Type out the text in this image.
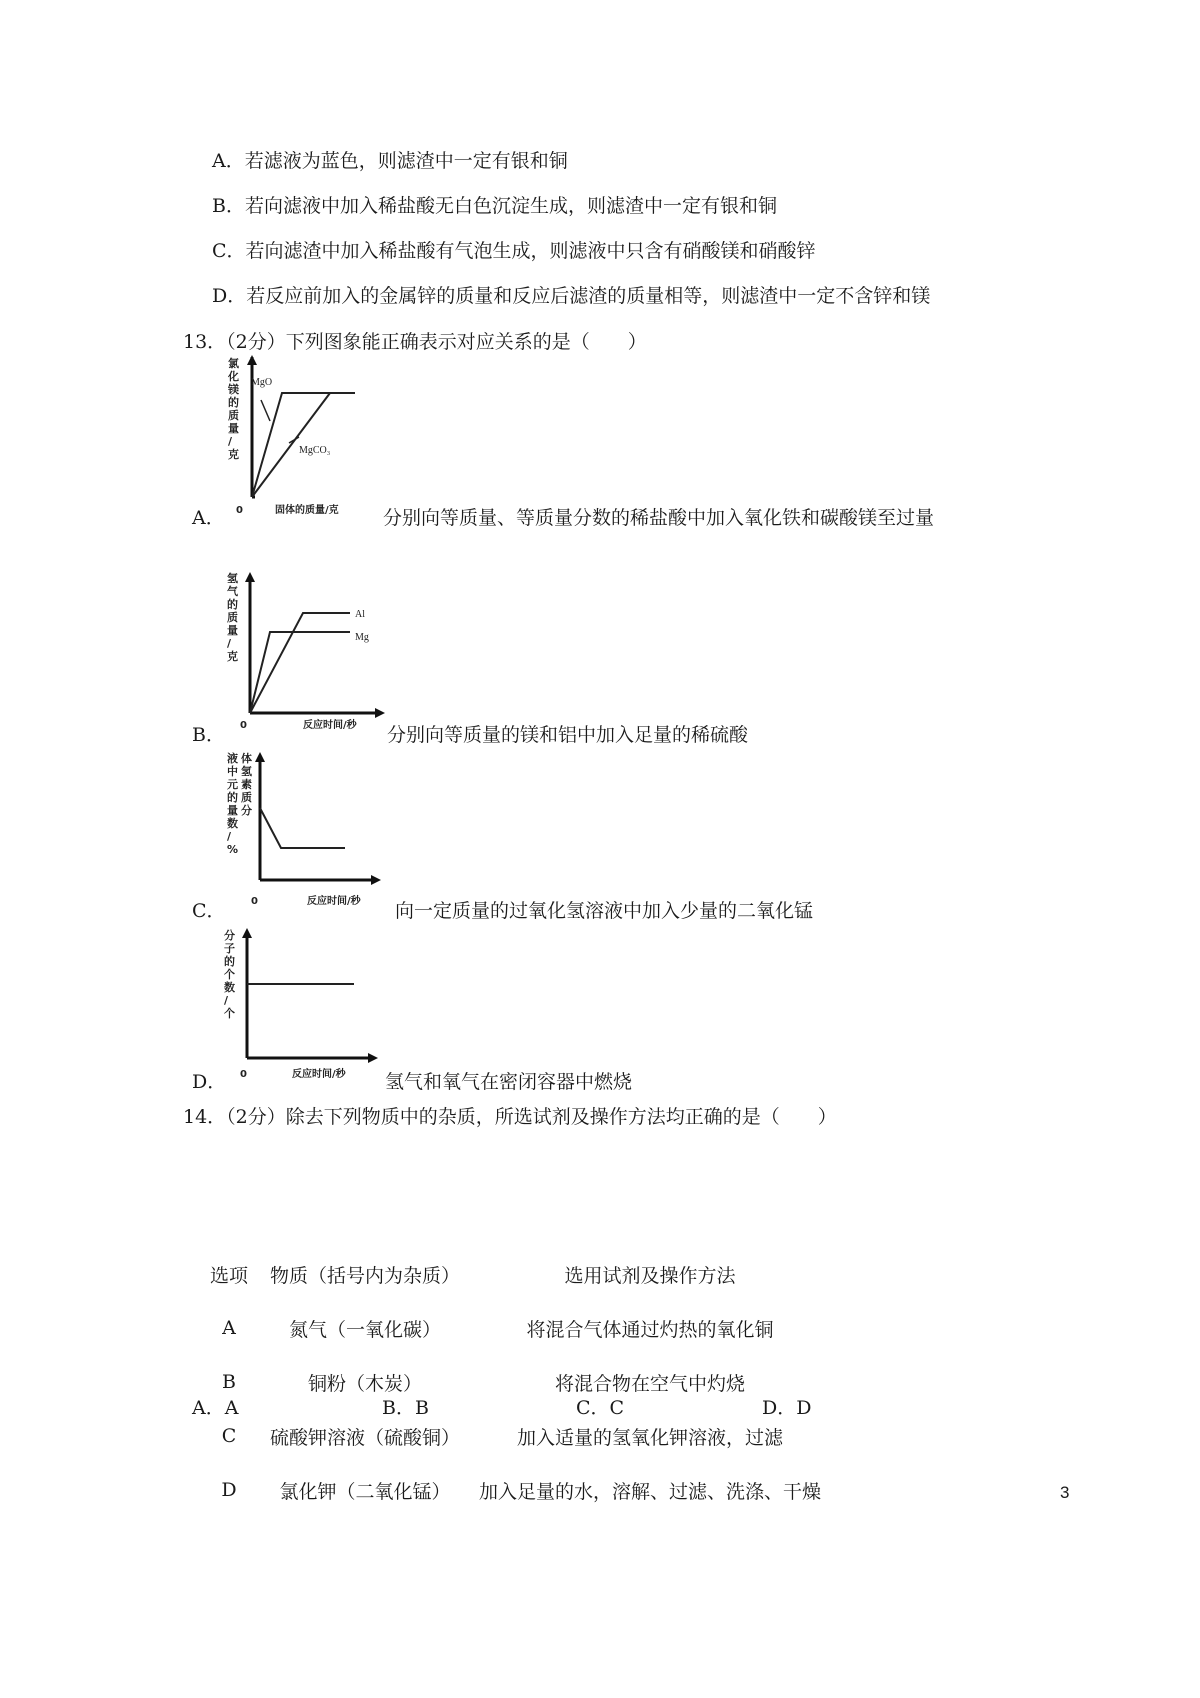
A．若滤液为蓝色，则滤渣中一定有银和铜
B．若向滤液中加入稀盐酸无白色沉淀生成，则滤渣中一定有银和铜
C．若向滤渣中加入稀盐酸有气泡生成，则滤液中只含有硝酸镁和硝酸锌
D．若反应前加入的金属锌的质量和反应后滤渣的质量相等，则滤渣中一定不含锌和镁
13．（2分）下列图象能正确表示对应关系的是（　　）
氯化镁的质量/克
MgO
MgCO₃
0	固体的质量/克
A．	分别向等质量、等质量分数的稀盐酸中加入氧化铁和碳酸镁至过量
氢气的质量/克
Al
Mg
0	反应时间/秒
B．	分别向等质量的镁和铝中加入足量的稀硫酸
液中元的量数/ %
体氢素质分
0	反应时间/秒
C．	向一定质量的过氧化氢溶液中加入少量的二氧化锰
分子的个数/个
0	反应时间/秒
D．	氢气和氧气在密闭容器中燃烧
14．（2分）除去下列物质中的杂质，所选试剂及操作方法均正确的是（　　）
选项	物质（括号内为杂质）	选用试剂及操作方法
A	氮气（一氧化碳）	将混合气体通过灼热的氧化铜
B	铜粉（木炭）	将混合物在空气中灼烧
C	硫酸钾溶液（硫酸铜）	加入适量的氢氧化钾溶液，过滤
D	氯化钾（二氧化锰）	加入足量的水，溶解、过滤、洗涤、干燥
A．A	B．B	C．C	D．D
3
